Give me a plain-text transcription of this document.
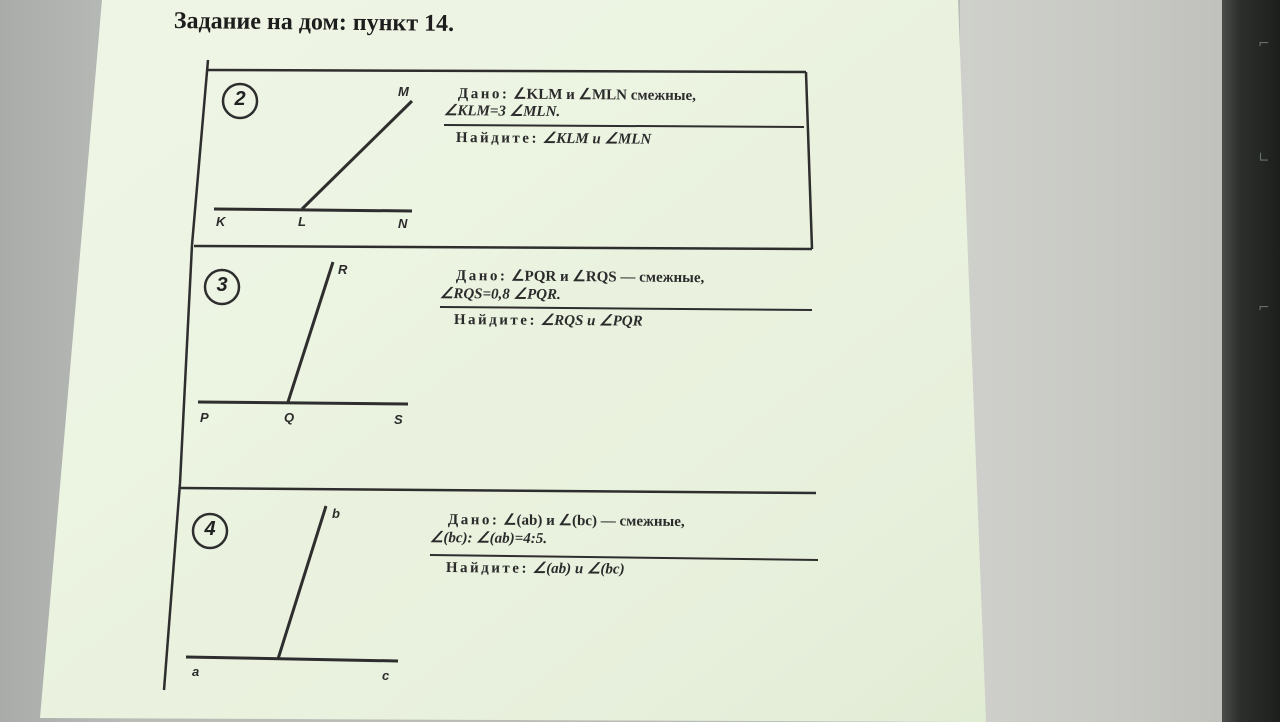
⌐
∟
⌐
Задание на дом: пункт 14.
2
3
4
K	L	N
M
P	Q	S
R
a	c
b
Дано: ∠KLM и ∠MLN смежные,
∠KLM=3 ∠MLN.
Найдите: ∠KLM и ∠MLN
Дано: ∠PQR и ∠RQS — смежные,
∠RQS=0,8 ∠PQR.
Найдите: ∠RQS и ∠PQR
Дано: ∠(ab) и ∠(bc) — смежные,
∠(bc): ∠(ab)=4:5.
Найдите: ∠(ab) и ∠(bc)
